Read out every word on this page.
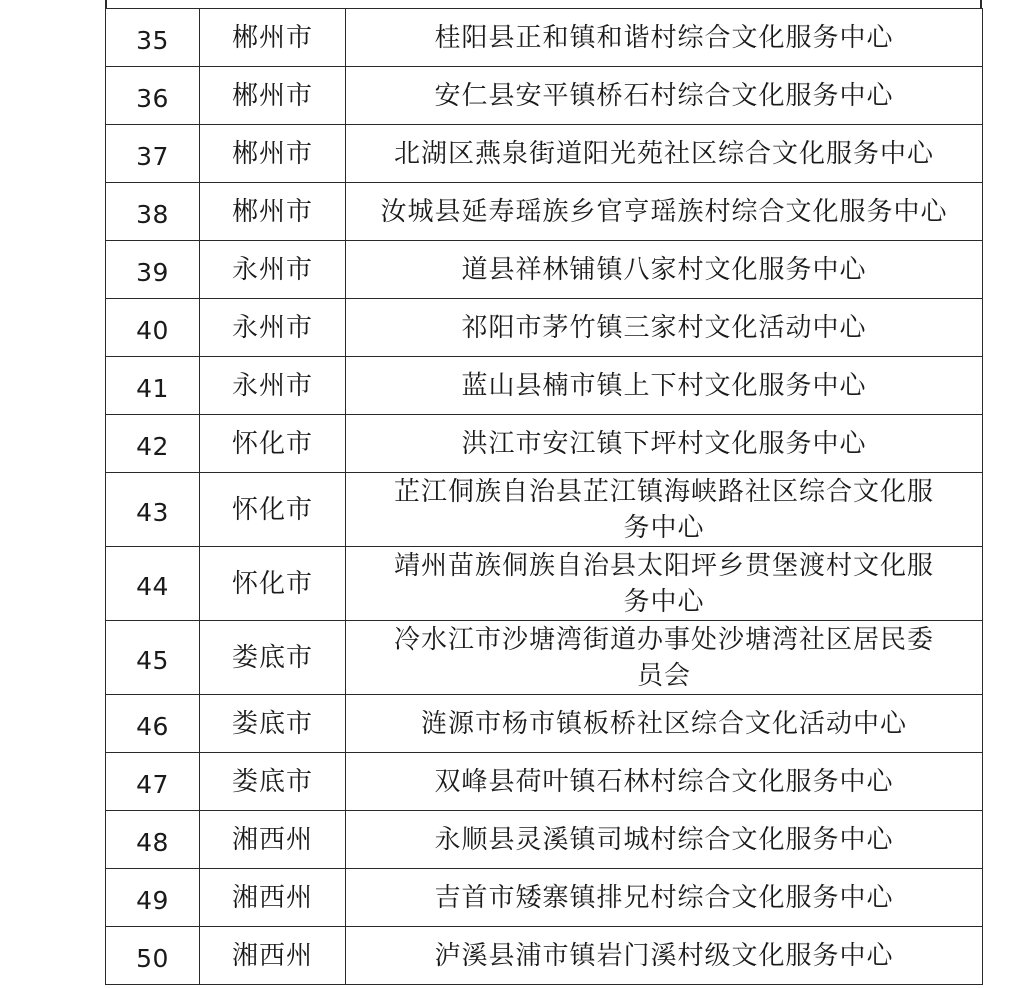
35	郴州市	桂阳县正和镇和谐村综合文化服务中心
36	郴州市	安仁县安平镇桥石村综合文化服务中心
37	郴州市	北湖区燕泉街道阳光苑社区综合文化服务中心
38	郴州市	汝城县延寿瑶族乡官亨瑶族村综合文化服务中心
39	永州市	道县祥林铺镇八家村文化服务中心
40	永州市	祁阳市茅竹镇三家村文化活动中心
41	永州市	蓝山县楠市镇上下村文化服务中心
42	怀化市	洪江市安江镇下坪村文化服务中心
43	怀化市	芷江侗族自治县芷江镇海峡路社区综合文化服务中心
44	怀化市	靖州苗族侗族自治县太阳坪乡贯堡渡村文化服务中心
45	娄底市	冷水江市沙塘湾街道办事处沙塘湾社区居民委员会
46	娄底市	涟源市杨市镇板桥社区综合文化活动中心
47	娄底市	双峰县荷叶镇石林村综合文化服务中心
48	湘西州	永顺县灵溪镇司城村综合文化服务中心
49	湘西州	吉首市矮寨镇排兄村综合文化服务中心
50	湘西州	泸溪县浦市镇岩门溪村级文化服务中心
